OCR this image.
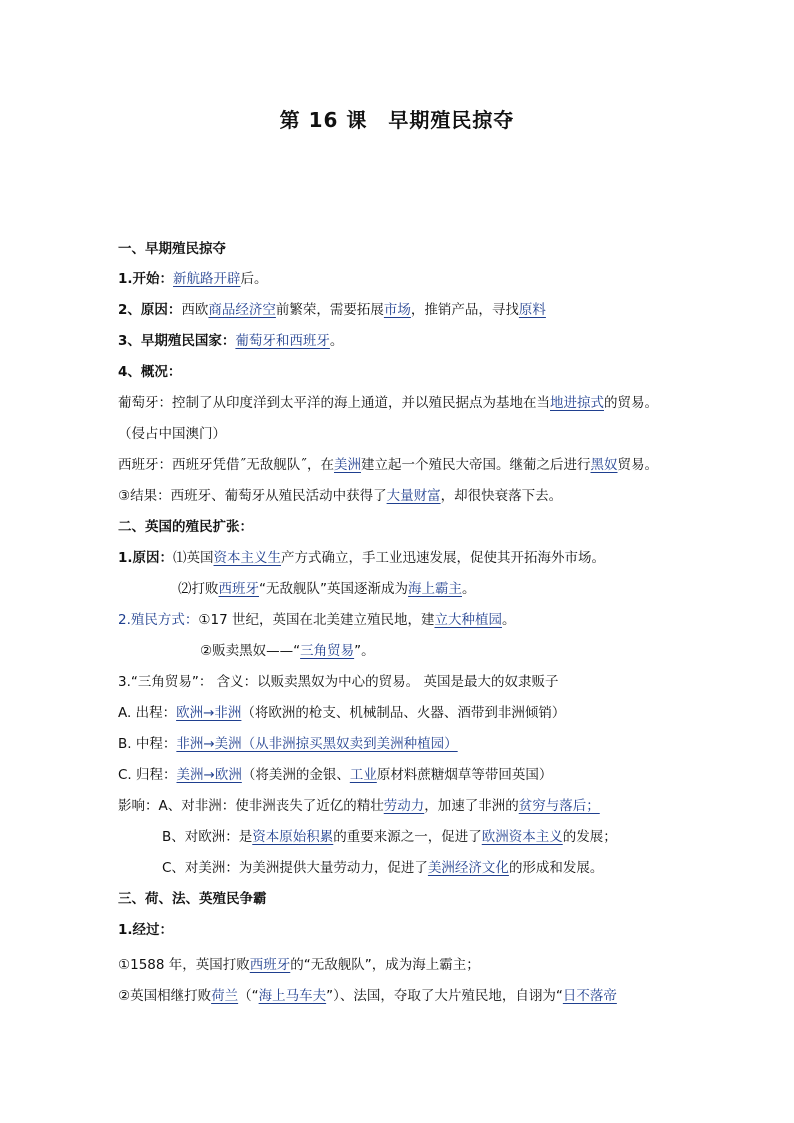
第 16 课　早期殖民掠夺
一、早期殖民掠夺
1.开始：新航路开辟后。
2、原因：西欧商品经济空前繁荣，需要拓展市场，推销产品，寻找原料
3、早期殖民国家：葡萄牙和西班牙。
4、概况：
葡萄牙：控制了从印度洋到太平洋的海上通道，并以殖民据点为基地在当地进掠式的贸易。
（侵占中国澳门）
西班牙：西班牙凭借˝无敌舰队˝，在美洲建立起一个殖民大帝国。继葡之后进行黑奴贸易。
③结果：西班牙、葡萄牙从殖民活动中获得了大量财富，却很快衰落下去。
二、英国的殖民扩张：
1.原因：⑴英国资本主义生产方式确立，手工业迅速发展，促使其开拓海外市场。
⑵打败西班牙“无敌舰队”英国逐渐成为海上霸主。
2.殖民方式：①17 世纪，英国在北美建立殖民地，建立大种植园。
②贩卖黑奴——“三角贸易”。
3.“三角贸易”： 含义：以贩卖黑奴为中心的贸易。 英国是最大的奴隶贩子
A. 出程：欧洲→非洲（将欧洲的枪支、机械制品、火器、酒带到非洲倾销）
B. 中程：非洲→美洲（从非洲掠买黑奴卖到美洲种植园）
C. 归程：美洲→欧洲（将美洲的金银、工业原材料蔗糖烟草等带回英国）
影响：A、对非洲：使非洲丧失了近亿的精壮劳动力，加速了非洲的贫穷与落后；
B、对欧洲：是资本原始积累的重要来源之一，促进了欧洲资本主义的发展；
C、对美洲：为美洲提供大量劳动力，促进了美洲经济文化的形成和发展。
三、荷、法、英殖民争霸
1.经过：
①1588 年，英国打败西班牙的“无敌舰队”，成为海上霸主；
②英国相继打败荷兰（“海上马车夫”）、法国，夺取了大片殖民地，自诩为“日不落帝
